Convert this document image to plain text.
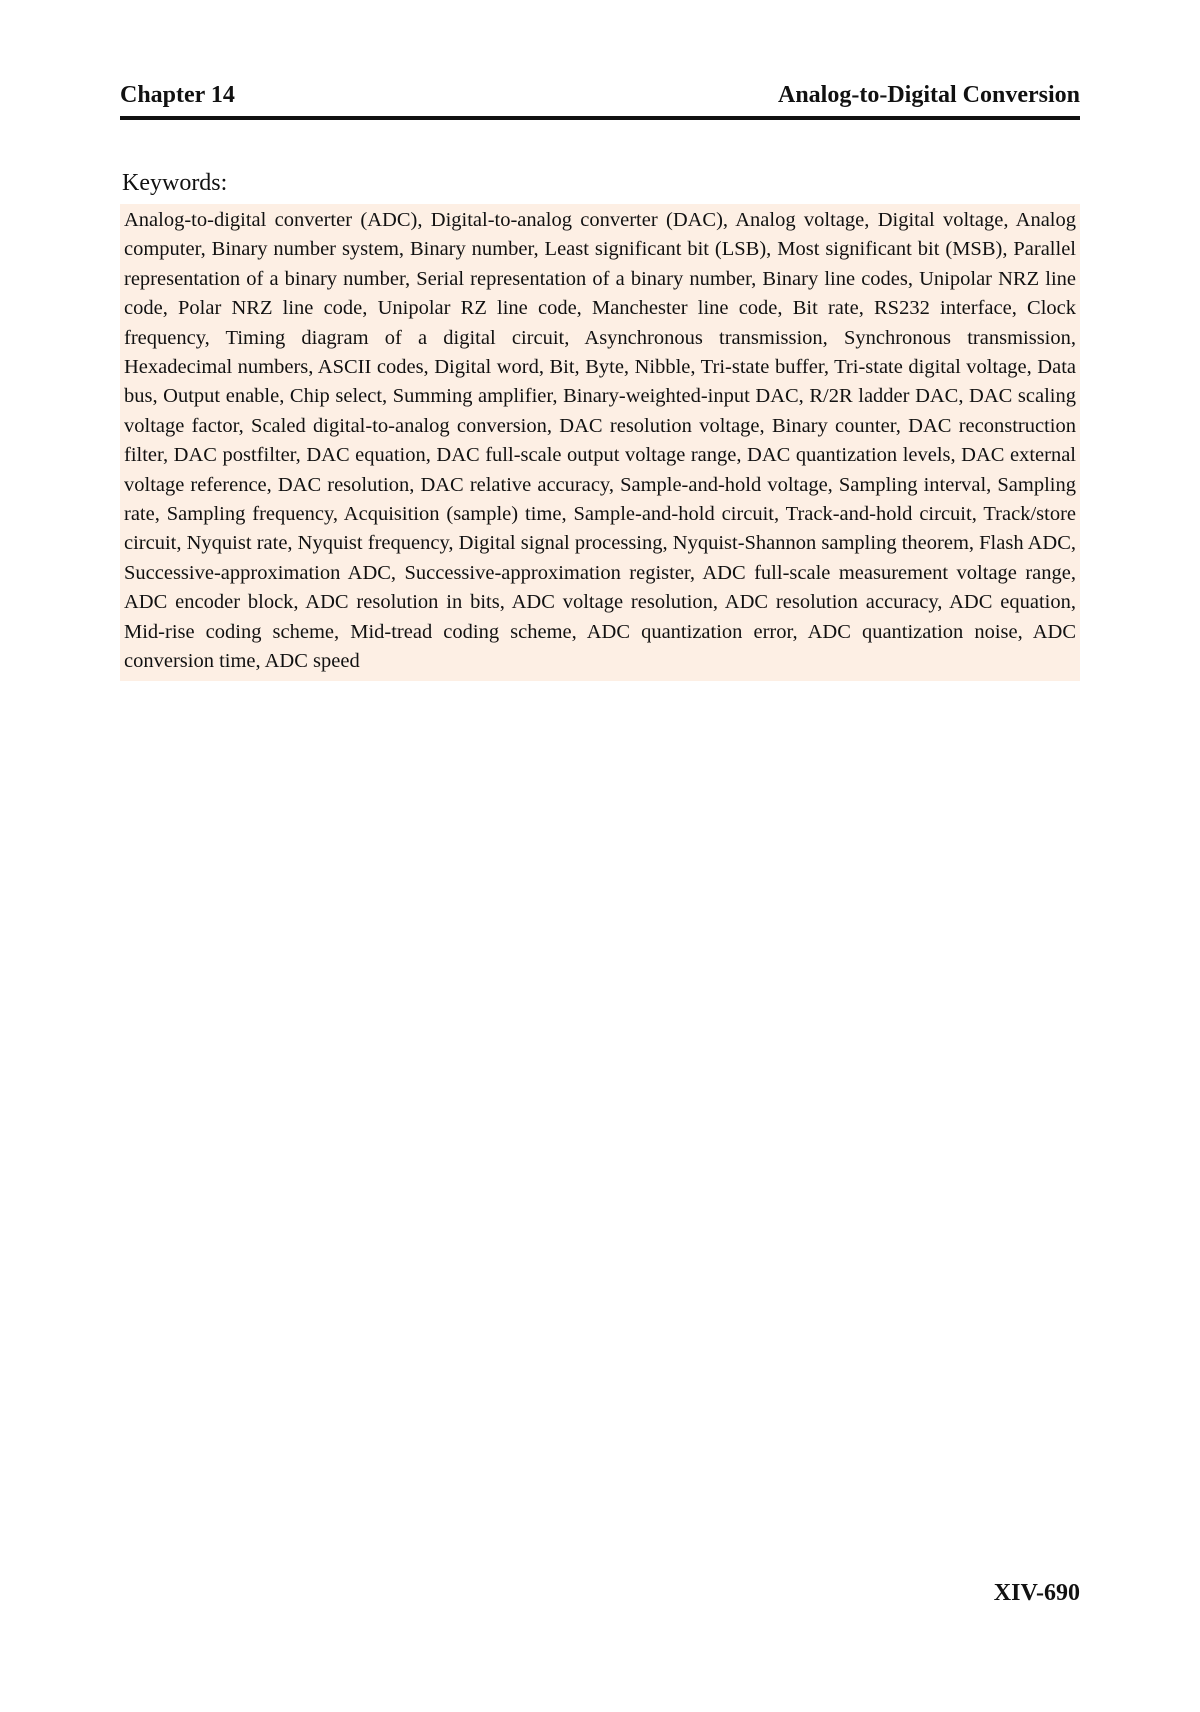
Chapter 14	Analog-to-Digital Conversion
Keywords:
Analog-to-digital converter (ADC), Digital-to-analog converter (DAC), Analog voltage, Digital voltage, Analog computer, Binary number system, Binary number, Least significant bit (LSB), Most significant bit (MSB), Parallel representation of a binary number, Serial representation of a binary number, Binary line codes, Unipolar NRZ line code, Polar NRZ line code, Unipolar RZ line code, Manchester line code, Bit rate, RS232 interface, Clock frequency, Timing diagram of a digital circuit, Asynchronous transmission, Synchronous transmission, Hexadecimal numbers, ASCII codes, Digital word, Bit, Byte, Nibble, Tri-state buffer, Tri-state digital voltage, Data bus, Output enable, Chip select, Summing amplifier, Binary-weighted-input DAC, R/2R ladder DAC, DAC scaling voltage factor, Scaled digital-to-analog conversion, DAC resolution voltage, Binary counter, DAC reconstruction filter, DAC postfilter, DAC equation, DAC full-scale output voltage range, DAC quantization levels, DAC external voltage reference, DAC resolution, DAC relative accuracy, Sample-and-hold voltage, Sampling interval, Sampling rate, Sampling frequency, Acquisition (sample) time, Sample-and-hold circuit, Track-and-hold circuit, Track/store circuit, Nyquist rate, Nyquist frequency, Digital signal processing, Nyquist-Shannon sampling theorem, Flash ADC, Successive-approximation ADC, Successive-approximation register, ADC full-scale measurement voltage range, ADC encoder block, ADC resolution in bits, ADC voltage resolution, ADC resolution accuracy, ADC equation, Mid-rise coding scheme, Mid-tread coding scheme, ADC quantization error, ADC quantization noise, ADC conversion time, ADC speed
XIV-690
